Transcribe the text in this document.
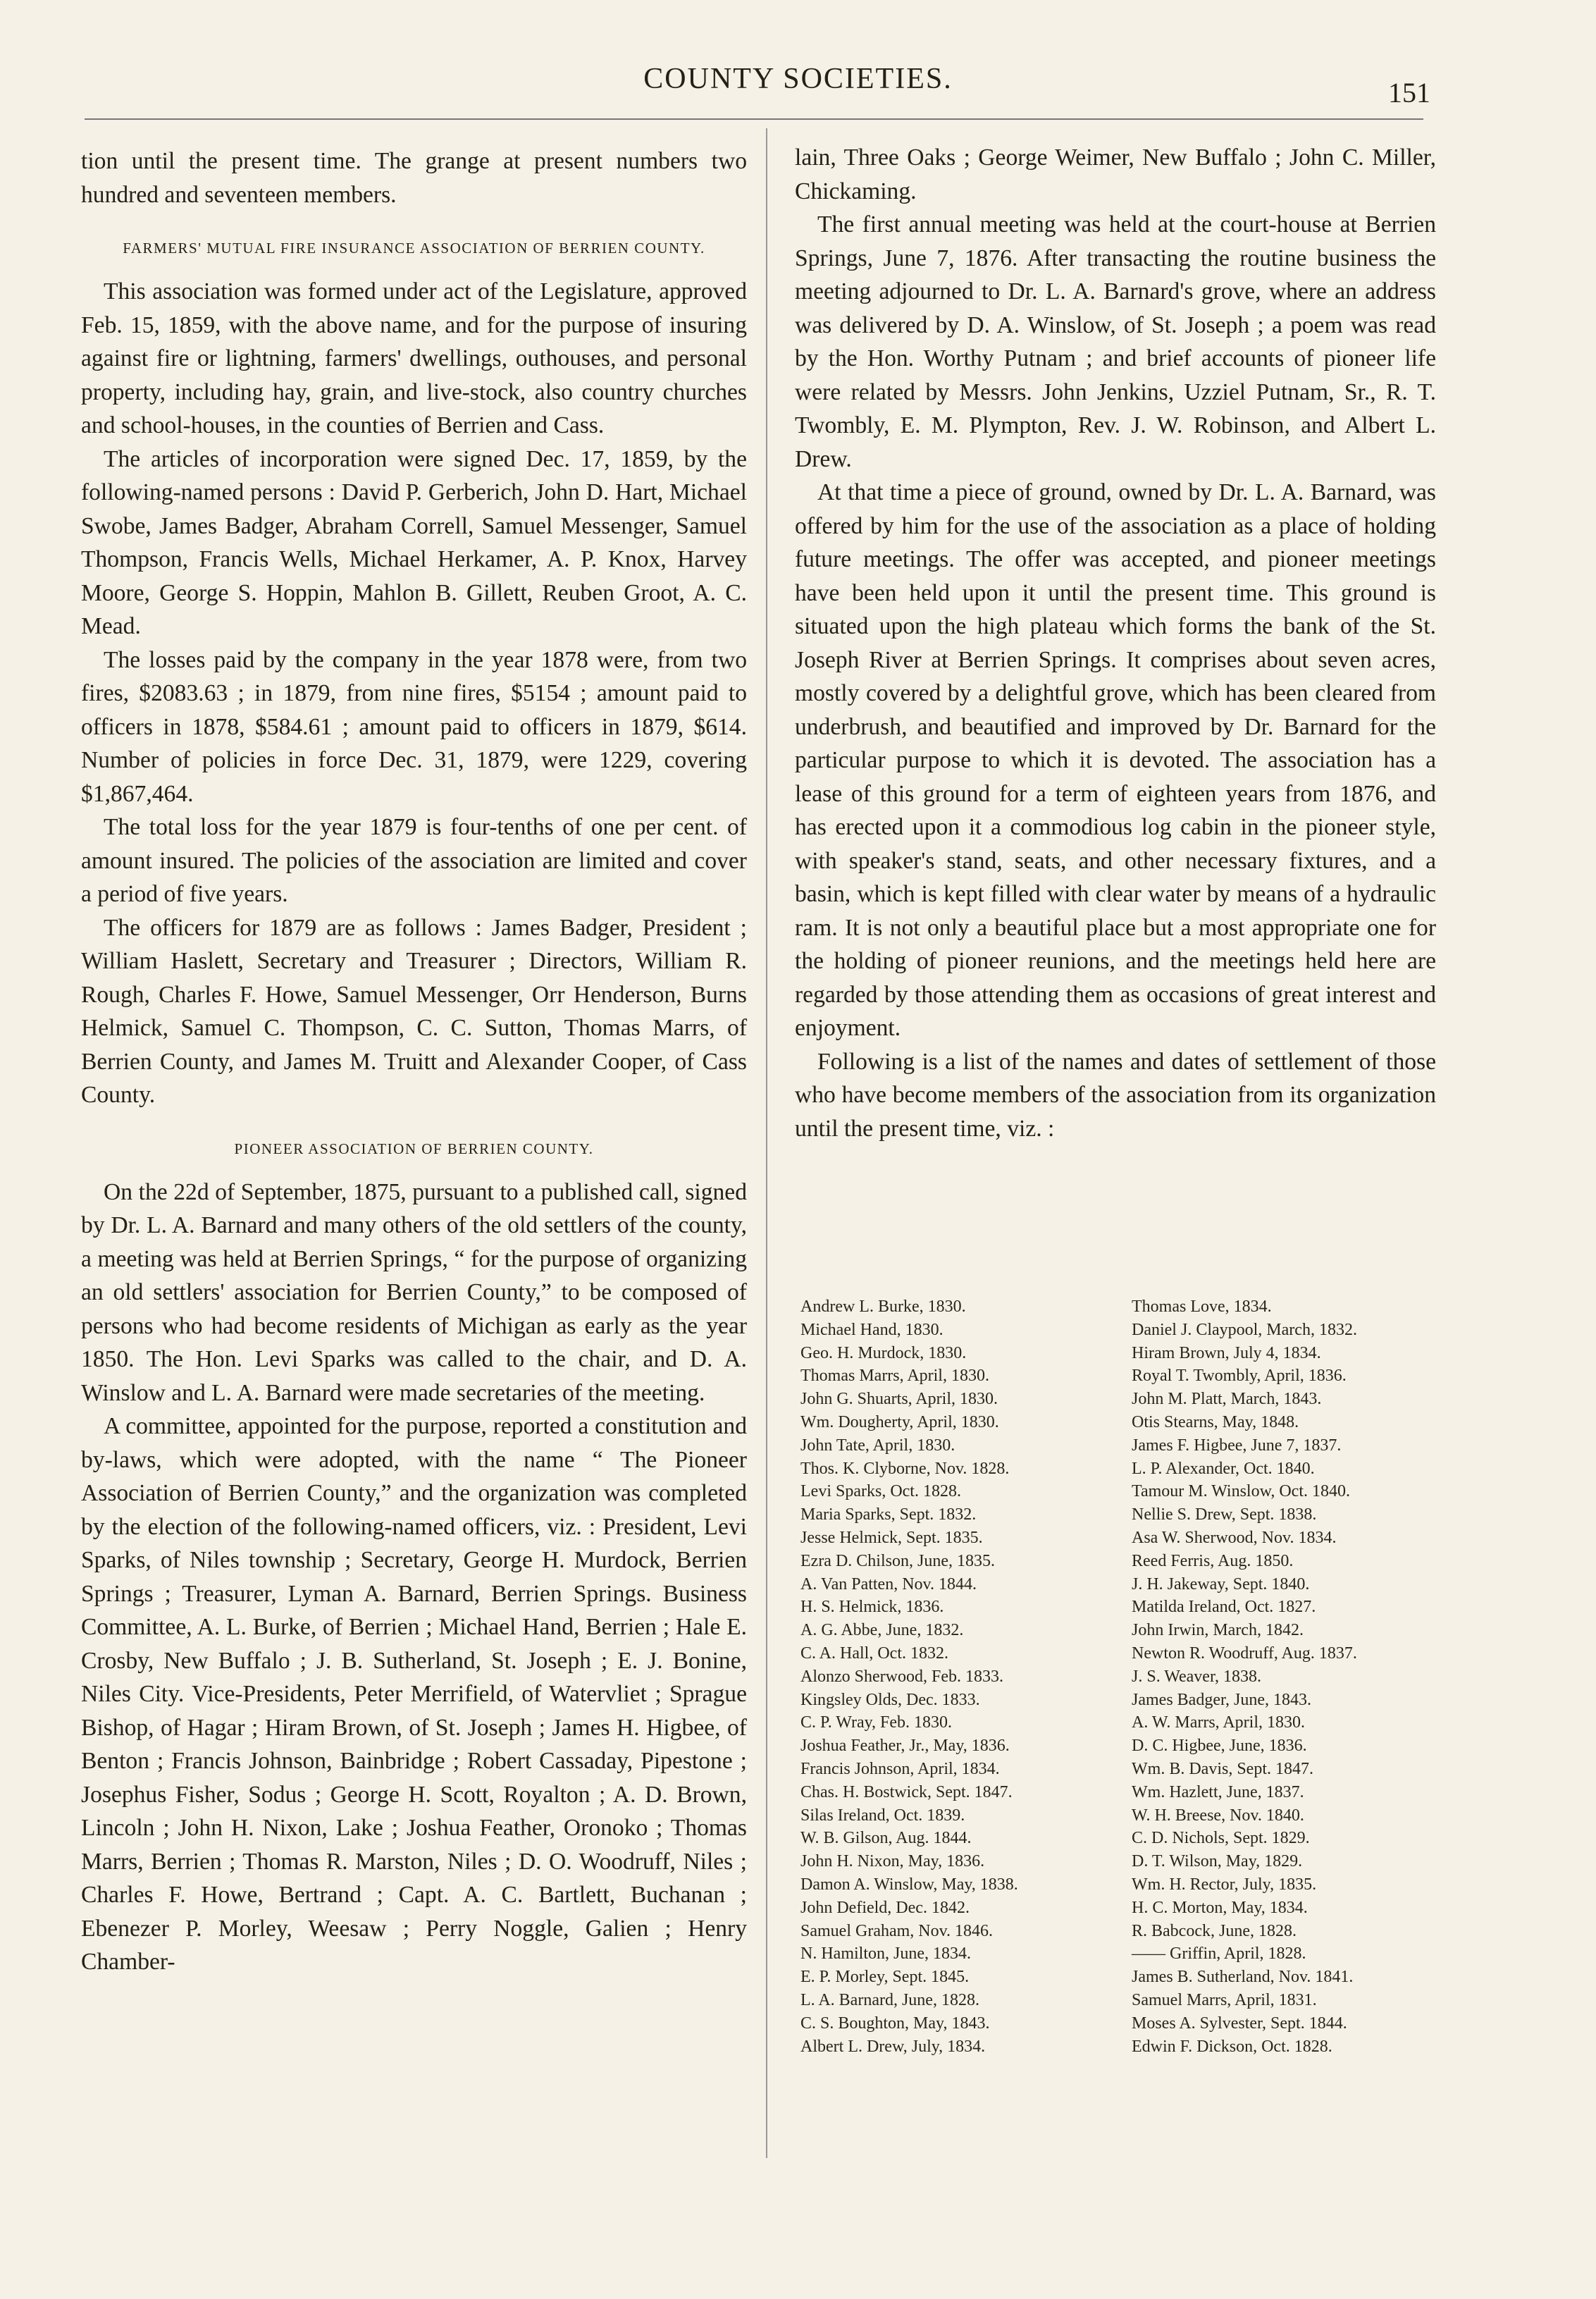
COUNTY SOCIETIES.	151

tion until the present time. The grange at present numbers two hundred and seventeen members.

FARMERS' MUTUAL FIRE INSURANCE ASSOCIATION OF BERRIEN COUNTY.

This association was formed under act of the Legislature, approved Feb. 15, 1859, with the above name, and for the purpose of insuring against fire or lightning, farmers' dwellings, outhouses, and personal property, including hay, grain, and live-stock, also country churches and school-houses, in the counties of Berrien and Cass.

The articles of incorporation were signed Dec. 17, 1859, by the following-named persons : David P. Gerberich, John D. Hart, Michael Swobe, James Badger, Abraham Correll, Samuel Messenger, Samuel Thompson, Francis Wells, Michael Herkamer, A. P. Knox, Harvey Moore, George S. Hoppin, Mahlon B. Gillett, Reuben Groot, A. C. Mead.

The losses paid by the company in the year 1878 were, from two fires, $2083.63 ; in 1879, from nine fires, $5154 ; amount paid to officers in 1878, $584.61 ; amount paid to officers in 1879, $614. Number of policies in force Dec. 31, 1879, were 1229, covering $1,867,464.

The total loss for the year 1879 is four-tenths of one per cent. of amount insured. The policies of the association are limited and cover a period of five years.

The officers for 1879 are as follows : James Badger, President ; William Haslett, Secretary and Treasurer ; Directors, William R. Rough, Charles F. Howe, Samuel Messenger, Orr Henderson, Burns Helmick, Samuel C. Thompson, C. C. Sutton, Thomas Marrs, of Berrien County, and James M. Truitt and Alexander Cooper, of Cass County.

PIONEER ASSOCIATION OF BERRIEN COUNTY.

On the 22d of September, 1875, pursuant to a published call, signed by Dr. L. A. Barnard and many others of the old settlers of the county, a meeting was held at Berrien Springs, “ for the purpose of organizing an old settlers' association for Berrien County,” to be composed of persons who had become residents of Michigan as early as the year 1850. The Hon. Levi Sparks was called to the chair, and D. A. Winslow and L. A. Barnard were made secretaries of the meeting.

A committee, appointed for the purpose, reported a constitution and by-laws, which were adopted, with the name “ The Pioneer Association of Berrien County,” and the organization was completed by the election of the following-named officers, viz. : President, Levi Sparks, of Niles township ; Secretary, George H. Murdock, Berrien Springs ; Treasurer, Lyman A. Barnard, Berrien Springs. Business Committee, A. L. Burke, of Berrien ; Michael Hand, Berrien ; Hale E. Crosby, New Buffalo ; J. B. Sutherland, St. Joseph ; E. J. Bonine, Niles City. Vice-Presidents, Peter Merrifield, of Watervliet ; Sprague Bishop, of Hagar ; Hiram Brown, of St. Joseph ; James H. Higbee, of Benton ; Francis Johnson, Bainbridge ; Robert Cassaday, Pipestone ; Josephus Fisher, Sodus ; George H. Scott, Royalton ; A. D. Brown, Lincoln ; John H. Nixon, Lake ; Joshua Feather, Oronoko ; Thomas Marrs, Berrien ; Thomas R. Marston, Niles ; D. O. Woodruff, Niles ; Charles F. Howe, Bertrand ; Capt. A. C. Bartlett, Buchanan ; Ebenezer P. Morley, Weesaw ; Perry Noggle, Galien ; Henry Chamber-

lain, Three Oaks ; George Weimer, New Buffalo ; John C. Miller, Chickaming.

The first annual meeting was held at the court-house at Berrien Springs, June 7, 1876. After transacting the routine business the meeting adjourned to Dr. L. A. Barnard's grove, where an address was delivered by D. A. Winslow, of St. Joseph ; a poem was read by the Hon. Worthy Putnam ; and brief accounts of pioneer life were related by Messrs. John Jenkins, Uzziel Putnam, Sr., R. T. Twombly, E. M. Plympton, Rev. J. W. Robinson, and Albert L. Drew.

At that time a piece of ground, owned by Dr. L. A. Barnard, was offered by him for the use of the association as a place of holding future meetings. The offer was accepted, and pioneer meetings have been held upon it until the present time. This ground is situated upon the high plateau which forms the bank of the St. Joseph River at Berrien Springs. It comprises about seven acres, mostly covered by a delightful grove, which has been cleared from underbrush, and beautified and improved by Dr. Barnard for the particular purpose to which it is devoted. The association has a lease of this ground for a term of eighteen years from 1876, and has erected upon it a commodious log cabin in the pioneer style, with speaker's stand, seats, and other necessary fixtures, and a basin, which is kept filled with clear water by means of a hydraulic ram. It is not only a beautiful place but a most appropriate one for the holding of pioneer reunions, and the meetings held here are regarded by those attending them as occasions of great interest and enjoyment.

Following is a list of the names and dates of settlement of those who have become members of the association from its organization until the present time, viz. :

Andrew L. Burke, 1830.
Michael Hand, 1830.
Geo. H. Murdock, 1830.
Thomas Marrs, April, 1830.
John G. Shuarts, April, 1830.
Wm. Dougherty, April, 1830.
John Tate, April, 1830.
Thos. K. Clyborne, Nov. 1828.
Levi Sparks, Oct. 1828.
Maria Sparks, Sept. 1832.
Jesse Helmick, Sept. 1835.
Ezra D. Chilson, June, 1835.
A. Van Patten, Nov. 1844.
H. S. Helmick, 1836.
A. G. Abbe, June, 1832.
C. A. Hall, Oct. 1832.
Alonzo Sherwood, Feb. 1833.
Kingsley Olds, Dec. 1833.
C. P. Wray, Feb. 1830.
Joshua Feather, Jr., May, 1836.
Francis Johnson, April, 1834.
Chas. H. Bostwick, Sept. 1847.
Silas Ireland, Oct. 1839.
W. B. Gilson, Aug. 1844.
John H. Nixon, May, 1836.
Damon A. Winslow, May, 1838.
John Defield, Dec. 1842.
Samuel Graham, Nov. 1846.
N. Hamilton, June, 1834.
E. P. Morley, Sept. 1845.
L. A. Barnard, June, 1828.
C. S. Boughton, May, 1843.
Albert L. Drew, July, 1834.
Thomas Love, 1834.
Daniel J. Claypool, March, 1832.
Hiram Brown, July 4, 1834.
Royal T. Twombly, April, 1836.
John M. Platt, March, 1843.
Otis Stearns, May, 1848.
James F. Higbee, June 7, 1837.
L. P. Alexander, Oct. 1840.
Tamour M. Winslow, Oct. 1840.
Nellie S. Drew, Sept. 1838.
Asa W. Sherwood, Nov. 1834.
Reed Ferris, Aug. 1850.
J. H. Jakeway, Sept. 1840.
Matilda Ireland, Oct. 1827.
John Irwin, March, 1842.
Newton R. Woodruff, Aug. 1837.
J. S. Weaver, 1838.
James Badger, June, 1843.
A. W. Marrs, April, 1830.
D. C. Higbee, June, 1836.
Wm. B. Davis, Sept. 1847.
Wm. Hazlett, June, 1837.
W. H. Breese, Nov. 1840.
C. D. Nichols, Sept. 1829.
D. T. Wilson, May, 1829.
Wm. H. Rector, July, 1835.
H. C. Morton, May, 1834.
R. Babcock, June, 1828.
—— Griffin, April, 1828.
James B. Sutherland, Nov. 1841.
Samuel Marrs, April, 1831.
Moses A. Sylvester, Sept. 1844.
Edwin F. Dickson, Oct. 1828.
